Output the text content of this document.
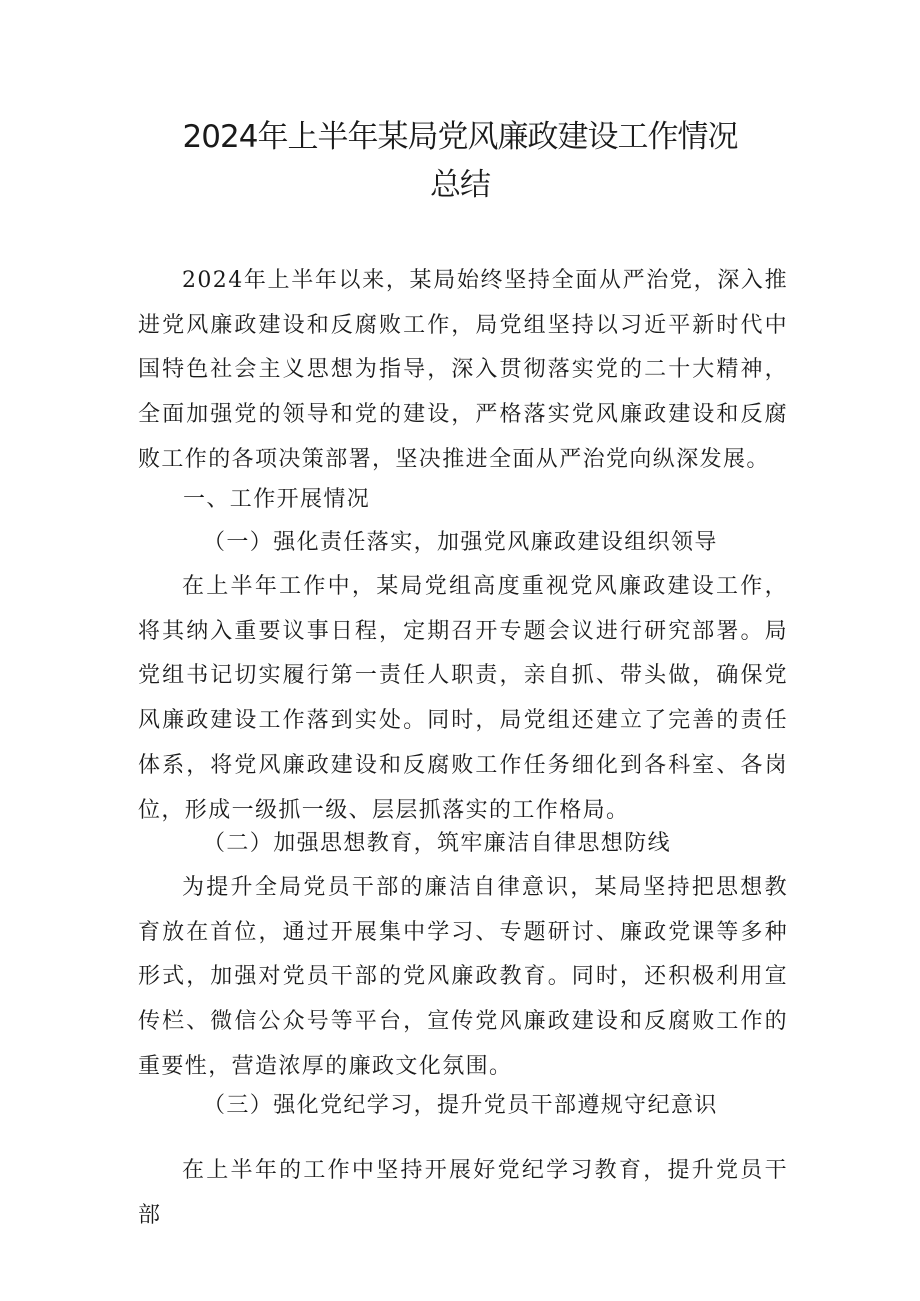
2024年上半年某局党风廉政建设工作情况
总结

2024年上半年以来，某局始终坚持全面从严治党，深入推进党风廉政建设和反腐败工作，局党组坚持以习近平新时代中国特色社会主义思想为指导，深入贯彻落实党的二十大精神，全面加强党的领导和党的建设，严格落实党风廉政建设和反腐败工作的各项决策部署，坚决推进全面从严治党向纵深发展。

一、工作开展情况

（一）强化责任落实，加强党风廉政建设组织领导

在上半年工作中，某局党组高度重视党风廉政建设工作，将其纳入重要议事日程，定期召开专题会议进行研究部署。局党组书记切实履行第一责任人职责，亲自抓、带头做，确保党风廉政建设工作落到实处。同时，局党组还建立了完善的责任体系，将党风廉政建设和反腐败工作任务细化到各科室、各岗位，形成一级抓一级、层层抓落实的工作格局。

（二）加强思想教育，筑牢廉洁自律思想防线

为提升全局党员干部的廉洁自律意识，某局坚持把思想教育放在首位，通过开展集中学习、专题研讨、廉政党课等多种形式，加强对党员干部的党风廉政教育。同时，还积极利用宣传栏、微信公众号等平台，宣传党风廉政建设和反腐败工作的重要性，营造浓厚的廉政文化氛围。

（三）强化党纪学习，提升党员干部遵规守纪意识

在上半年的工作中坚持开展好党纪学习教育，提升党员干部
